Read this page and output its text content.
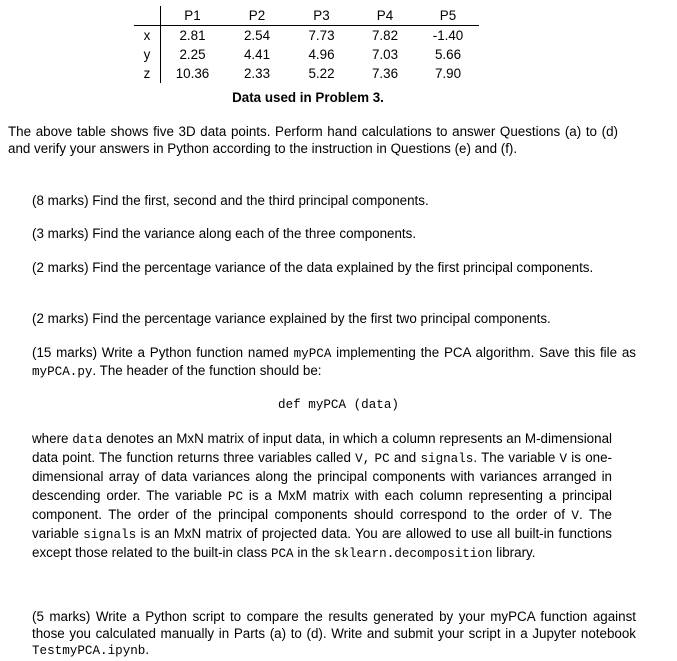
	P1	P2	P3	P4	P5
x	2.81	2.54	7.73	7.82	-1.40
y	2.25	4.41	4.96	7.03	5.66
z	10.36	2.33	5.22	7.36	7.90
Data used in Problem 3.

The above table shows five 3D data points. Perform hand calculations to answer Questions (a) to (d) and verify your answers in Python according to the instruction in Questions (e) and (f).

(8 marks) Find the first, second and the third principal components.

(3 marks) Find the variance along each of the three components.

(2 marks) Find the percentage variance of the data explained by the first principal components.

(2 marks) Find the percentage variance explained by the first two principal components.

(15 marks) Write a Python function named myPCA implementing the PCA algorithm. Save this file as myPCA.py. The header of the function should be:

def myPCA (data)

where data denotes an MxN matrix of input data, in which a column represents an M-dimensional data point. The function returns three variables called V, PC and signals. The variable V is one-dimensional array of data variances along the principal components with variances arranged in descending order. The variable PC is a MxM matrix with each column representing a principal component. The order of the principal components should correspond to the order of V. The variable signals is an MxN matrix of projected data. You are allowed to use all built-in functions except those related to the built-in class PCA in the sklearn.decomposition library.

(5 marks) Write a Python script to compare the results generated by your myPCA function against those you calculated manually in Parts (a) to (d). Write and submit your script in a Jupyter notebook TestmyPCA.ipynb.
